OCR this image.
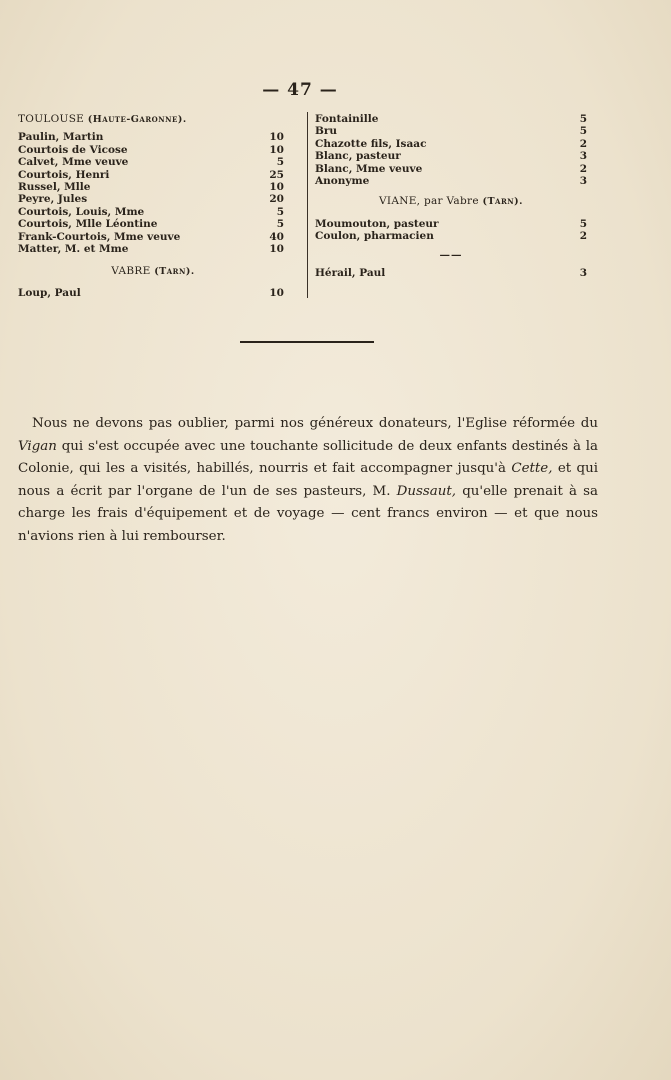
— 47 —

TOULOUSE (Haute-Garonne).

Paulin, Martin	10
Courtois de Vicose	10
Calvet, Mme veuve	5
Courtois, Henri	25
Russel, Mlle	10
Peyre, Jules	20
Courtois, Louis, Mme	5
Courtois, Mlle Léontine	5
Frank-Courtois, Mme veuve	40
Matter, M. et Mme	10

VABRE (Tarn).

Loup, Paul	10
Fontainille	5
Bru	5
Chazotte fils, Isaac	2
Blanc, pasteur	3
Blanc, Mme veuve	2
Anonyme	3

VIANE, par Vabre (Tarn).

Moumouton, pasteur	5
Coulon, pharmacien	2
——
Hérail, Paul	3

Nous ne devons pas oublier, parmi nos généreux donateurs, l'Eglise réformée du Vigan qui s'est occupée avec une touchante sollicitude de deux enfants destinés à la Colonie, qui les a visités, habillés, nourris et fait accompagner jusqu'à Cette, et qui nous a écrit par l'organe de l'un de ses pasteurs, M. Dussaut, qu'elle prenait à sa charge les frais d'équipement et de voyage — cent francs environ — et que nous n'avions rien à lui rembourser.
